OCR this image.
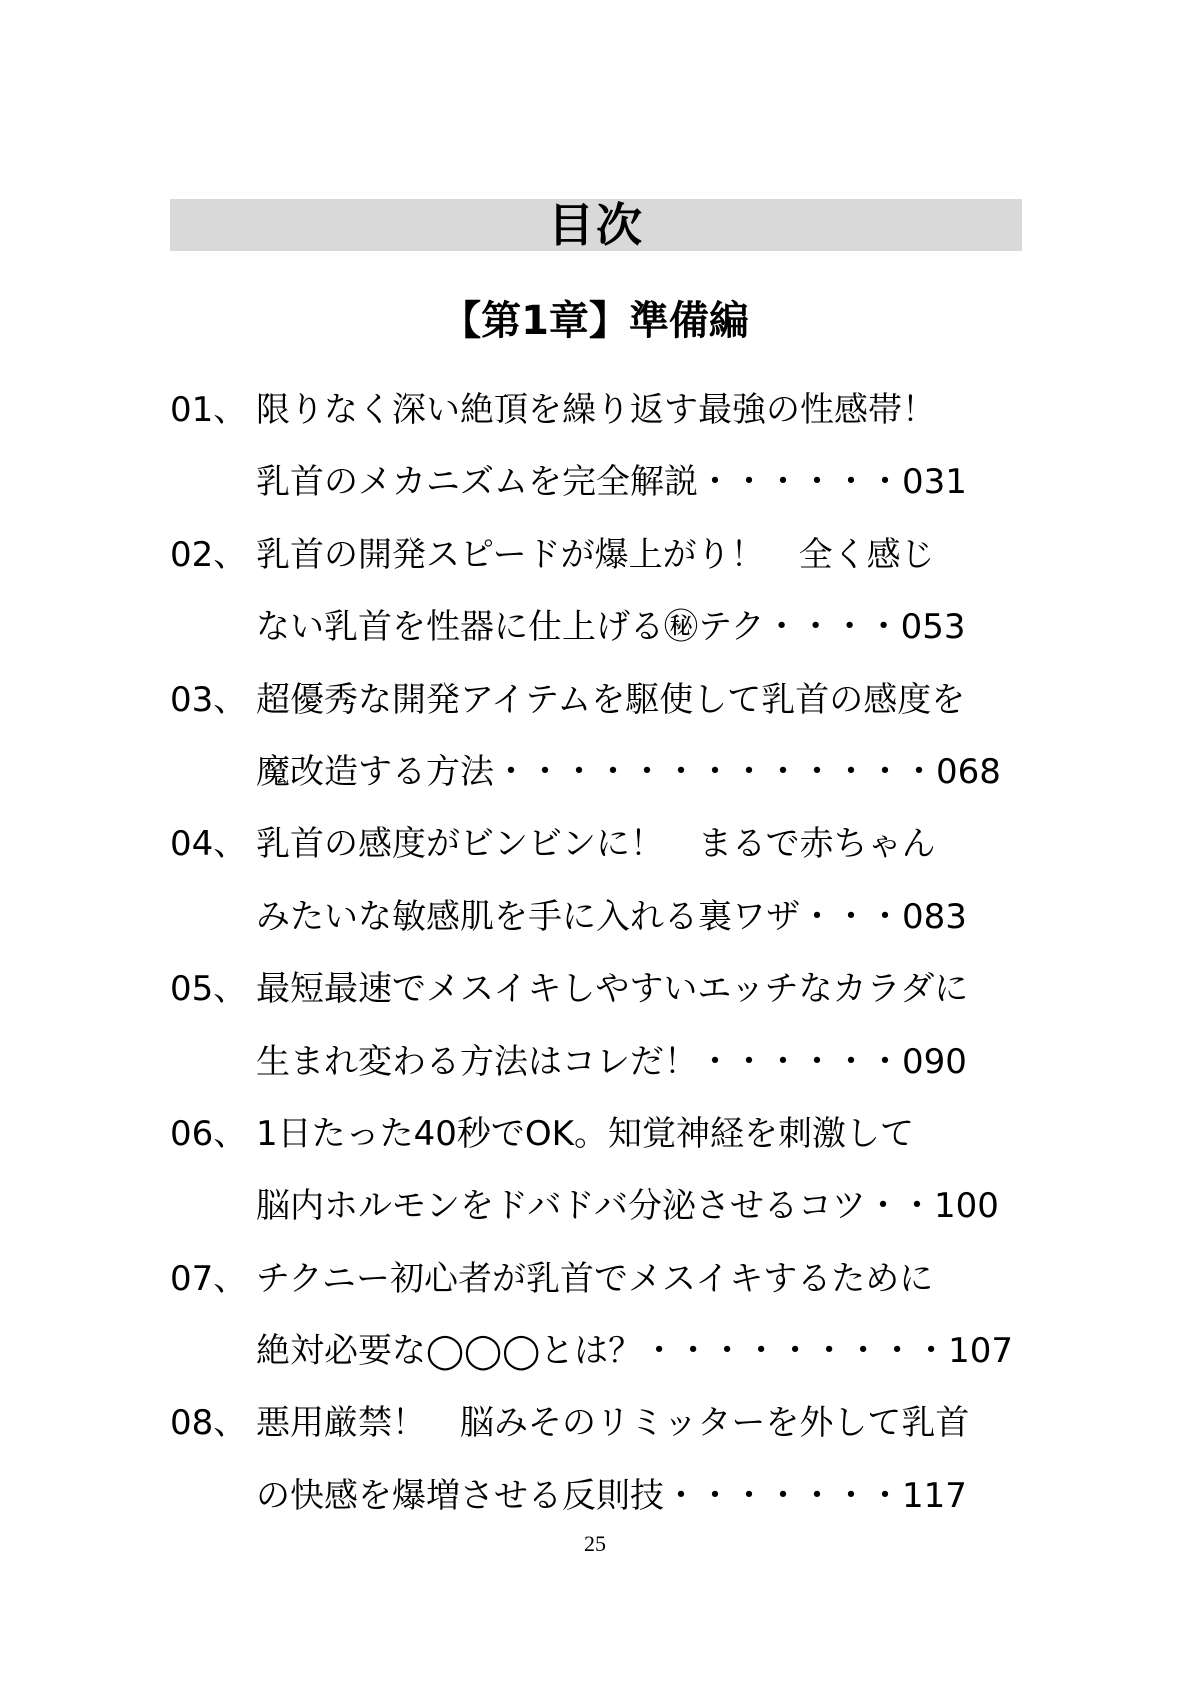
目次
【第1章】準備編
01、 限りなく深い絶頂を繰り返す最強の性感帯！
乳首のメカニズムを完全解説・・・・・・031
02、 乳首の開発スピードが爆上がり！　全く感じ
ない乳首を性器に仕上げる㊙テク・・・・053
03、 超優秀な開発アイテムを駆使して乳首の感度を
魔改造する方法・・・・・・・・・・・・・068
04、 乳首の感度がビンビンに！　まるで赤ちゃん
みたいな敏感肌を手に入れる裏ワザ・・・083
05、 最短最速でメスイキしやすいエッチなカラダに
生まれ変わる方法はコレだ！・・・・・・090
06、 1日たった40秒でOK。知覚神経を刺激して
脳内ホルモンをドバドバ分泌させるコツ・・100
07、 チクニー初心者が乳首でメスイキするために
絶対必要な◯◯◯とは？・・・・・・・・・107
08、 悪用厳禁！　脳みそのリミッターを外して乳首
の快感を爆増させる反則技・・・・・・・117
25
